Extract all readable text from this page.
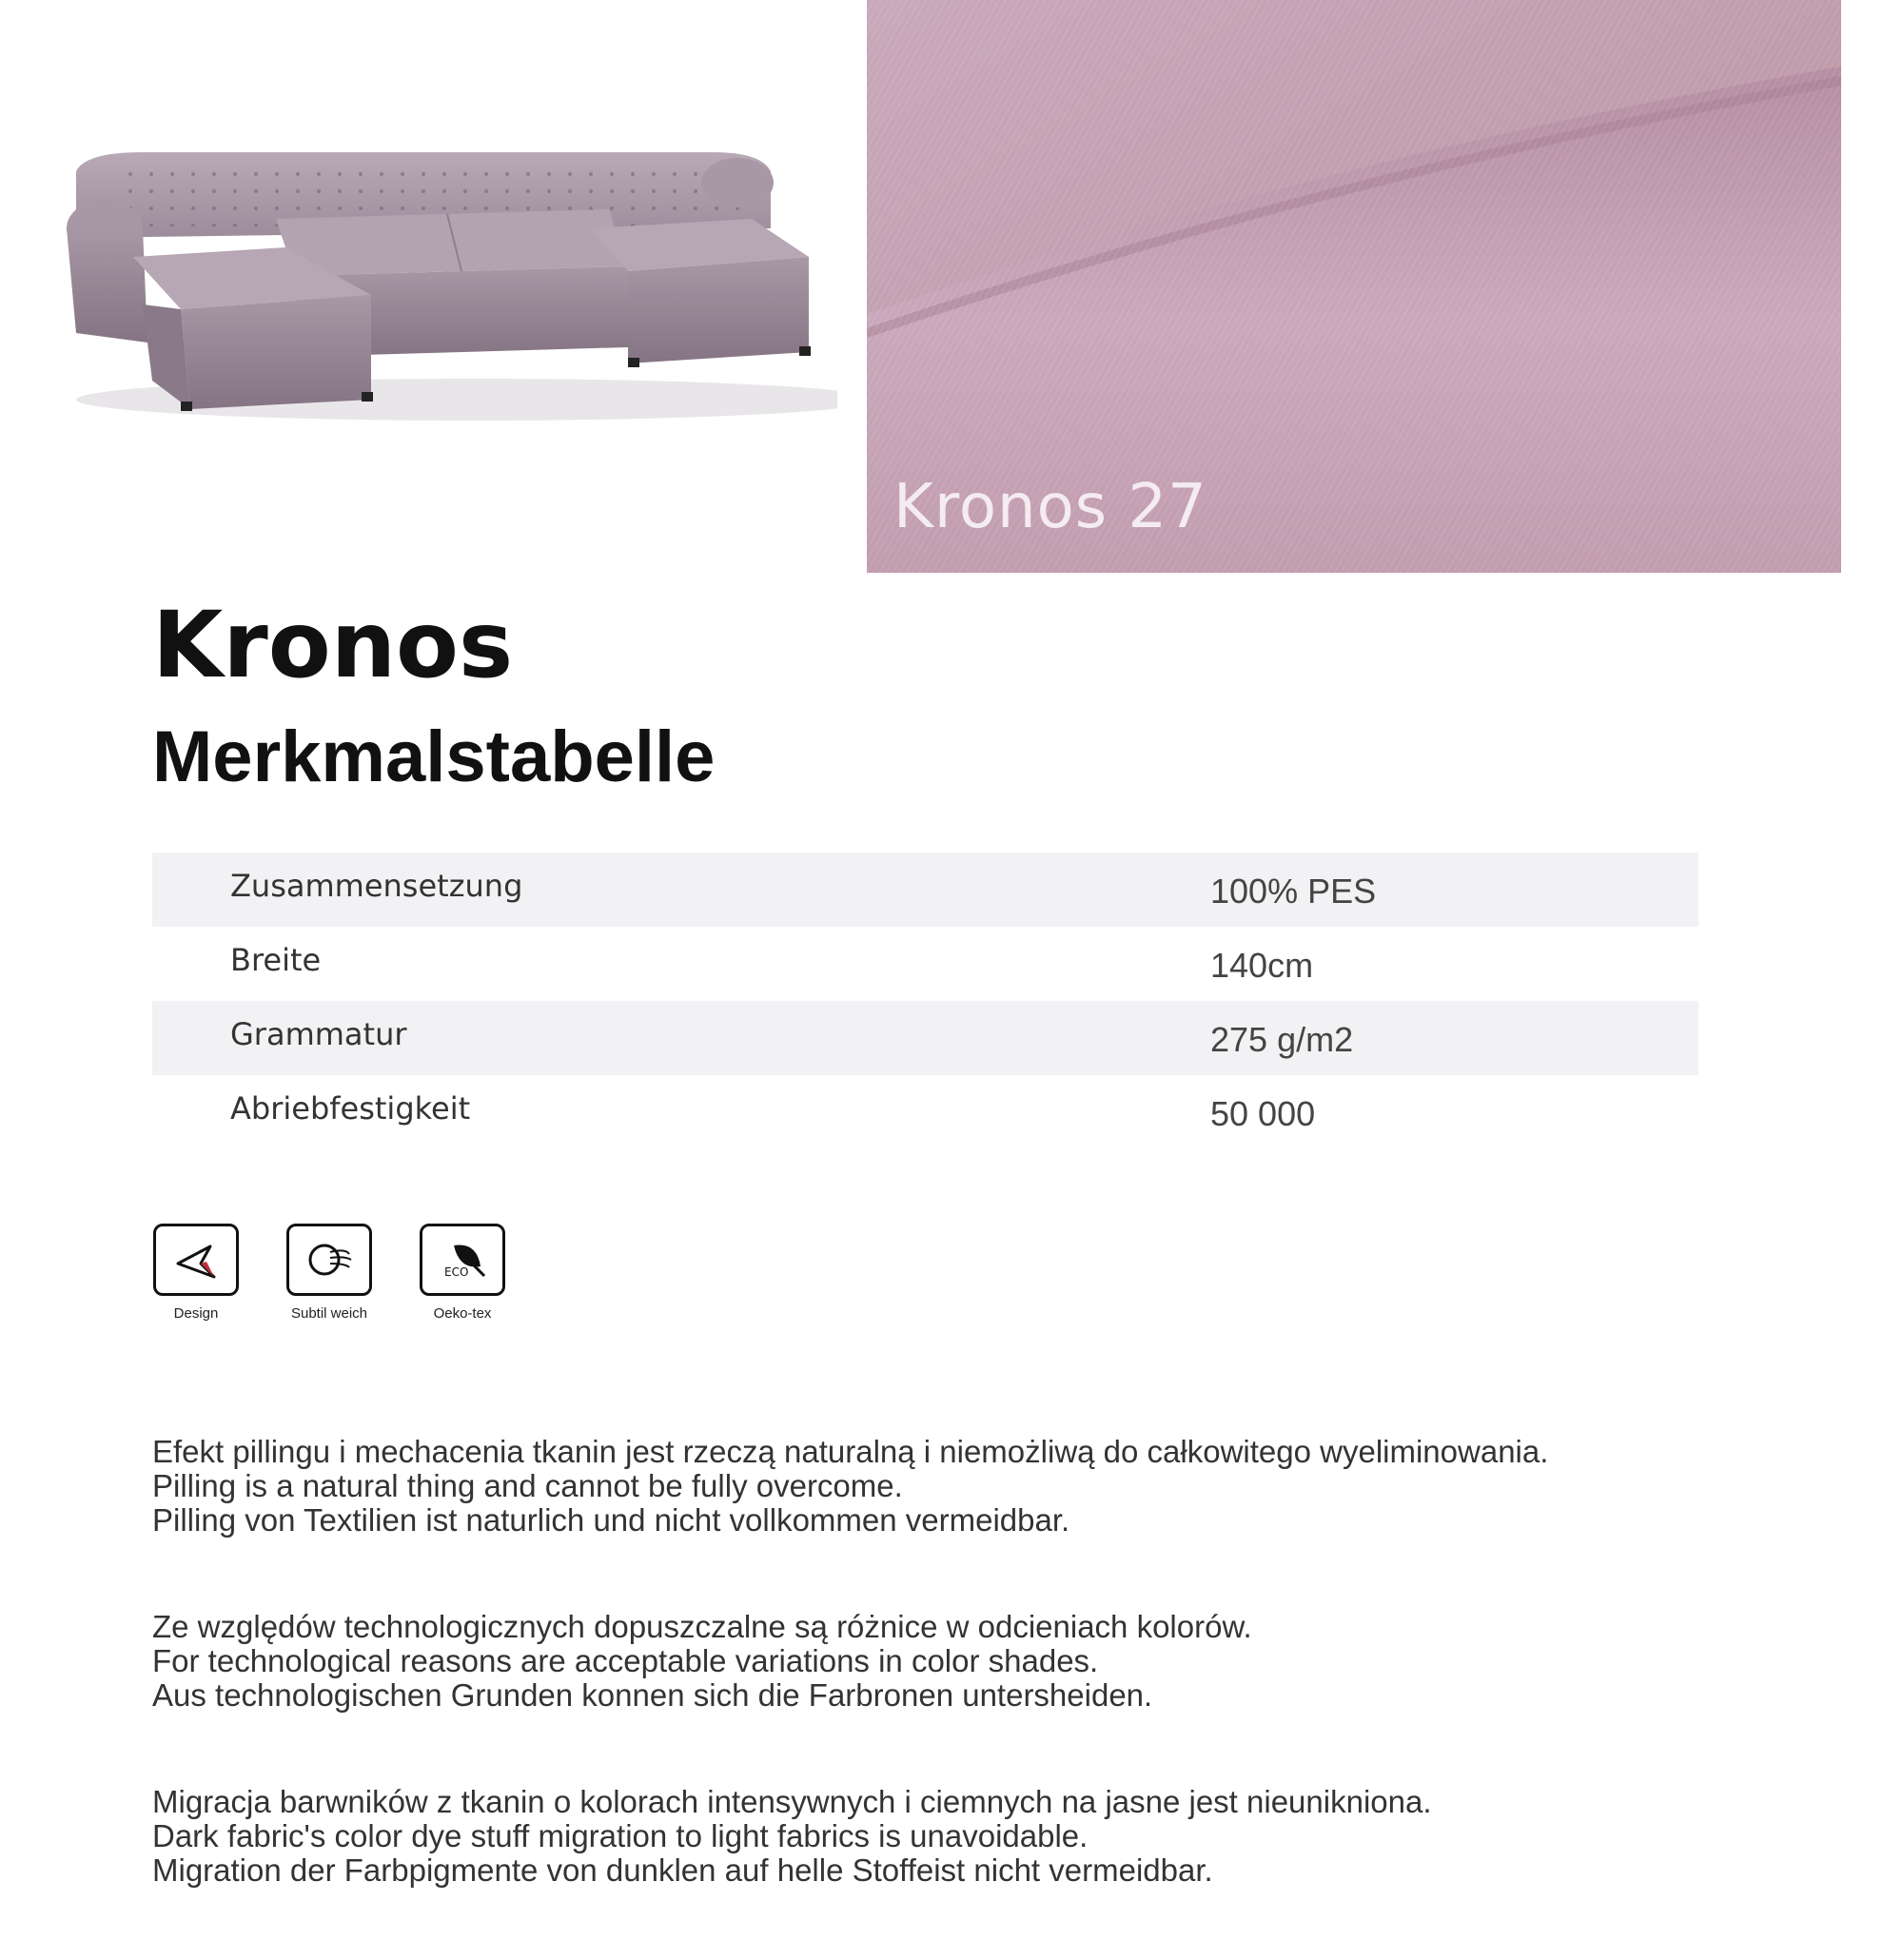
Kronos 27
Kronos
Merkmalstabelle
Zusammensetzung	100% PES
Breite	140cm
Grammatur	275 g/m2
Abriebfestigkeit	50 000
Design	Subtil weich
ECO
Oeko-tex
Efekt pillingu i mechacenia tkanin jest rzeczą naturalną i niemożliwą do całkowitego wyeliminowania.
Pilling is a natural thing and cannot be fully overcome.
Pilling von Textilien ist naturlich und nicht vollkommen vermeidbar.
Ze względów technologicznych dopuszczalne są różnice w odcieniach kolorów.
For technological reasons are acceptable variations in color shades.
Aus technologischen Grunden konnen sich die Farbronen untersheiden.
Migracja barwników z tkanin o kolorach intensywnych i ciemnych na jasne jest nieunikniona.
Dark fabric's color dye stuff migration to light fabrics is unavoidable.
Migration der Farbpigmente von dunklen auf helle Stoffeist nicht vermeidbar.
